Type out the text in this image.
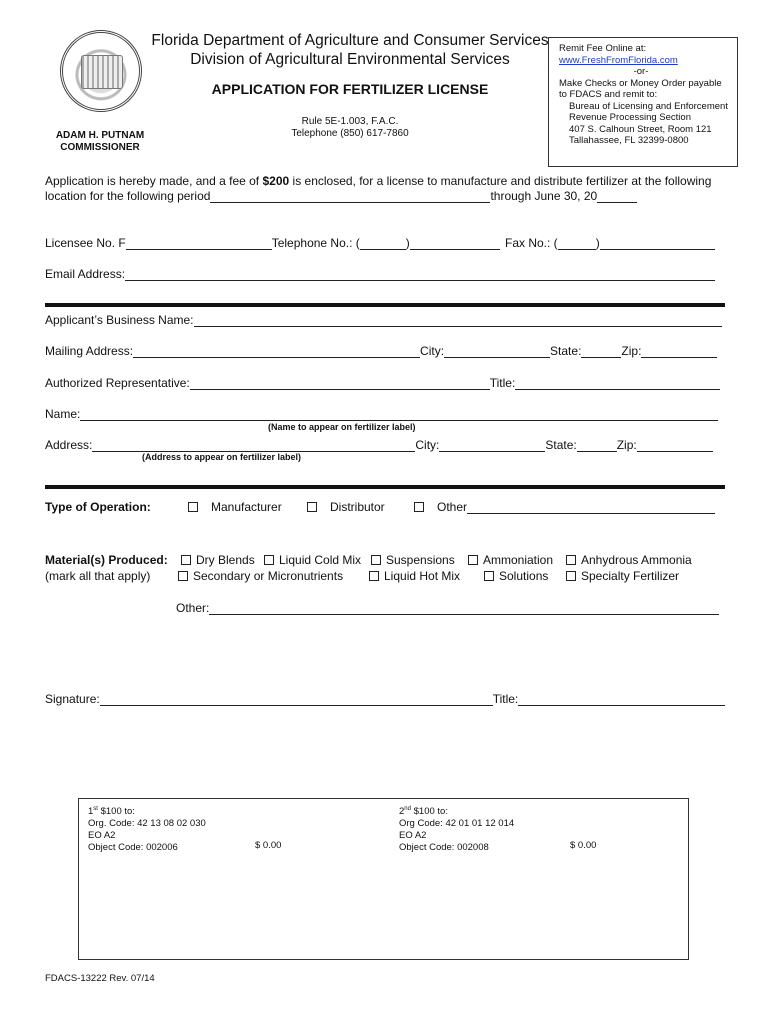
Florida Department of Agriculture and Consumer Services
Division of Agricultural Environmental Services
APPLICATION FOR FERTILIZER LICENSE
Rule 5E-1.003, F.A.C.
Telephone (850) 617-7860
ADAM H. PUTNAM
COMMISSIONER
Remit Fee Online at:
www.FreshFromFlorida.com
-or-
Make Checks or Money Order payable
to FDACS and remit to:
Bureau of Licensing and Enforcement
Revenue Processing Section
407 S. Calhoun Street, Room 121
Tallahassee, FL 32399-0800
Application is hereby made, and a fee of $200 is enclosed, for a license to manufacture and distribute fertilizer at the following
location for the following period	through June 30, 20
Licensee No. F	Telephone No.: (	)	Fax No.: (	)
Email Address:
Applicant’s Business Name:
Mailing Address:	City:	State:	Zip:
Authorized Representative:	Title:
Name:
(Name to appear on fertilizer label)
Address:	City:	State:	Zip:
(Address to appear on fertilizer label)
Type of Operation:	Manufacturer	Distributor	Other
Material(s) Produced:
(mark all that apply)
Dry Blends	Liquid Cold Mix	Suspensions	Ammoniation	Anhydrous Ammonia
Secondary or Micronutrients	Liquid Hot Mix	Solutions	Specialty Fertilizer
Other:
Signature:	Title:
1st $100 to:
Org. Code: 42 13 08 02 030
EO A2
Object Code: 002006	$ 0.00
2nd $100 to:
Org Code: 42 01 01 12 014
EO A2
Object Code: 002008	$ 0.00
FDACS-13222 Rev. 07/14
